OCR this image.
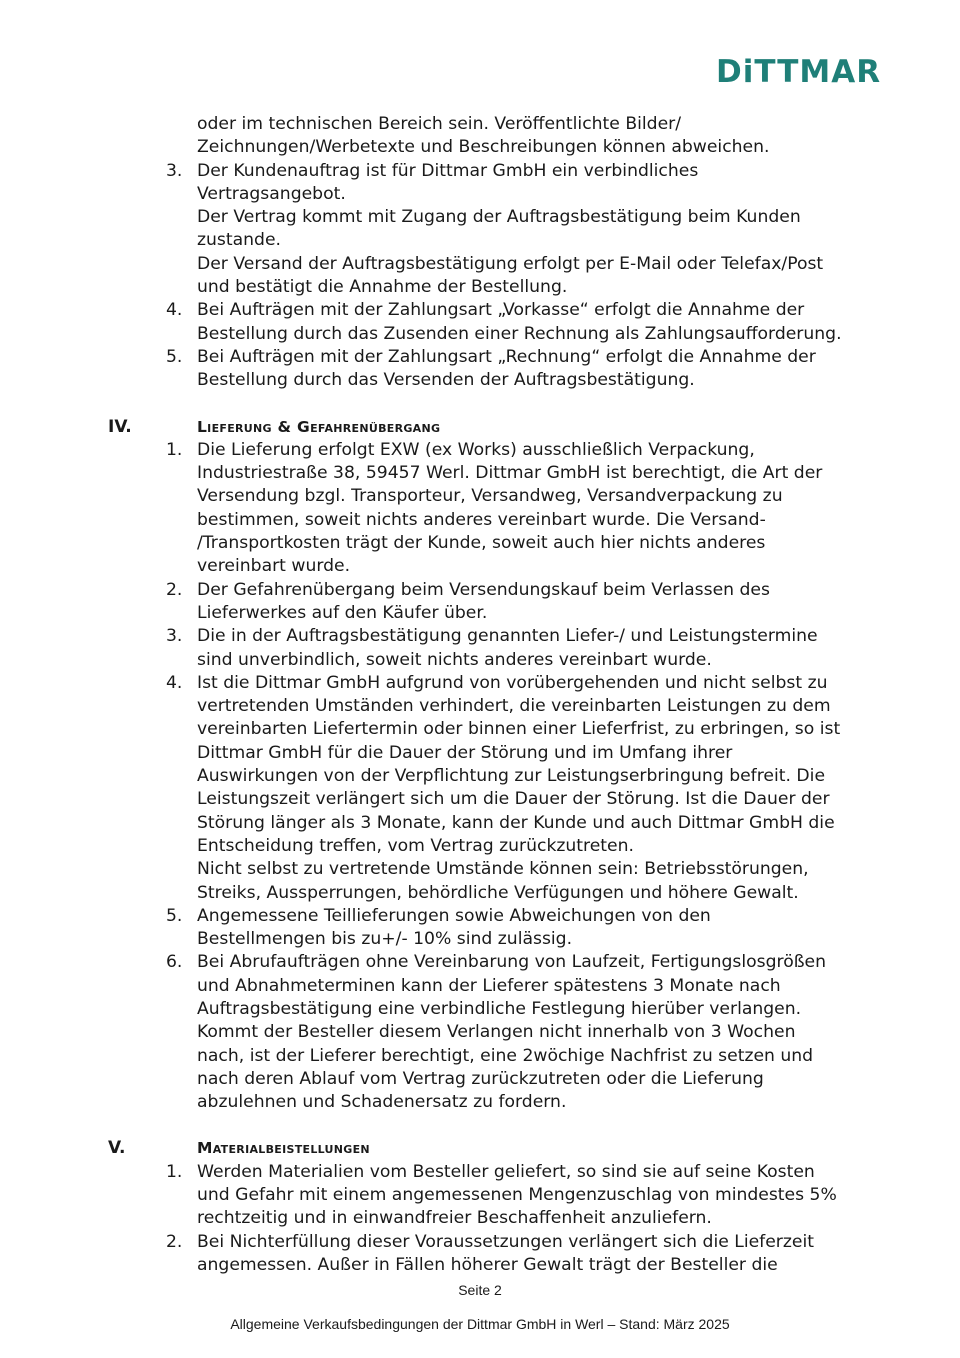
DiTTMAR
oder im technischen Bereich sein. Veröffentlichte Bilder/
Zeichnungen/Werbetexte und Beschreibungen können abweichen.
3. Der Kundenauftrag ist für Dittmar GmbH ein verbindliches
Vertragsangebot.
Der Vertrag kommt mit Zugang der Auftragsbestätigung beim Kunden
zustande.
Der Versand der Auftragsbestätigung erfolgt per E-Mail oder Telefax/Post
und bestätigt die Annahme der Bestellung.
4. Bei Aufträgen mit der Zahlungsart „Vorkasse“ erfolgt die Annahme der
Bestellung durch das Zusenden einer Rechnung als Zahlungsaufforderung.
5. Bei Aufträgen mit der Zahlungsart „Rechnung“ erfolgt die Annahme der
Bestellung durch das Versenden der Auftragsbestätigung.
IV.	Lieferung & Gefahrenübergang
1. Die Lieferung erfolgt EXW (ex Works) ausschließlich Verpackung,
Industriestraße 38, 59457 Werl. Dittmar GmbH ist berechtigt, die Art der
Versendung bzgl. Transporteur, Versandweg, Versandverpackung zu
bestimmen, soweit nichts anderes vereinbart wurde. Die Versand-
/Transportkosten trägt der Kunde, soweit auch hier nichts anderes
vereinbart wurde.
2. Der Gefahrenübergang beim Versendungskauf beim Verlassen des
Lieferwerkes auf den Käufer über.
3. Die in der Auftragsbestätigung genannten Liefer-/ und Leistungstermine
sind unverbindlich, soweit nichts anderes vereinbart wurde.
4. Ist die Dittmar GmbH aufgrund von vorübergehenden und nicht selbst zu
vertretenden Umständen verhindert, die vereinbarten Leistungen zu dem
vereinbarten Liefertermin oder binnen einer Lieferfrist, zu erbringen, so ist
Dittmar GmbH für die Dauer der Störung und im Umfang ihrer
Auswirkungen von der Verpflichtung zur Leistungserbringung befreit. Die
Leistungszeit verlängert sich um die Dauer der Störung. Ist die Dauer der
Störung länger als 3 Monate, kann der Kunde und auch Dittmar GmbH die
Entscheidung treffen, vom Vertrag zurückzutreten.
Nicht selbst zu vertretende Umstände können sein: Betriebsstörungen,
Streiks, Aussperrungen, behördliche Verfügungen und höhere Gewalt.
5. Angemessene Teillieferungen sowie Abweichungen von den
Bestellmengen bis zu+/- 10% sind zulässig.
6. Bei Abrufaufträgen ohne Vereinbarung von Laufzeit, Fertigungslosgrößen
und Abnahmeterminen kann der Lieferer spätestens 3 Monate nach
Auftragsbestätigung eine verbindliche Festlegung hierüber verlangen.
Kommt der Besteller diesem Verlangen nicht innerhalb von 3 Wochen
nach, ist der Lieferer berechtigt, eine 2wöchige Nachfrist zu setzen und
nach deren Ablauf vom Vertrag zurückzutreten oder die Lieferung
abzulehnen und Schadenersatz zu fordern.
V.	Materialbeistellungen
1. Werden Materialien vom Besteller geliefert, so sind sie auf seine Kosten
und Gefahr mit einem angemessenen Mengenzuschlag von mindestes 5%
rechtzeitig und in einwandfreier Beschaffenheit anzuliefern.
2. Bei Nichterfüllung dieser Voraussetzungen verlängert sich die Lieferzeit
angemessen. Außer in Fällen höherer Gewalt trägt der Besteller die
Seite 2
Allgemeine Verkaufsbedingungen der Dittmar GmbH in Werl – Stand: März 2025
